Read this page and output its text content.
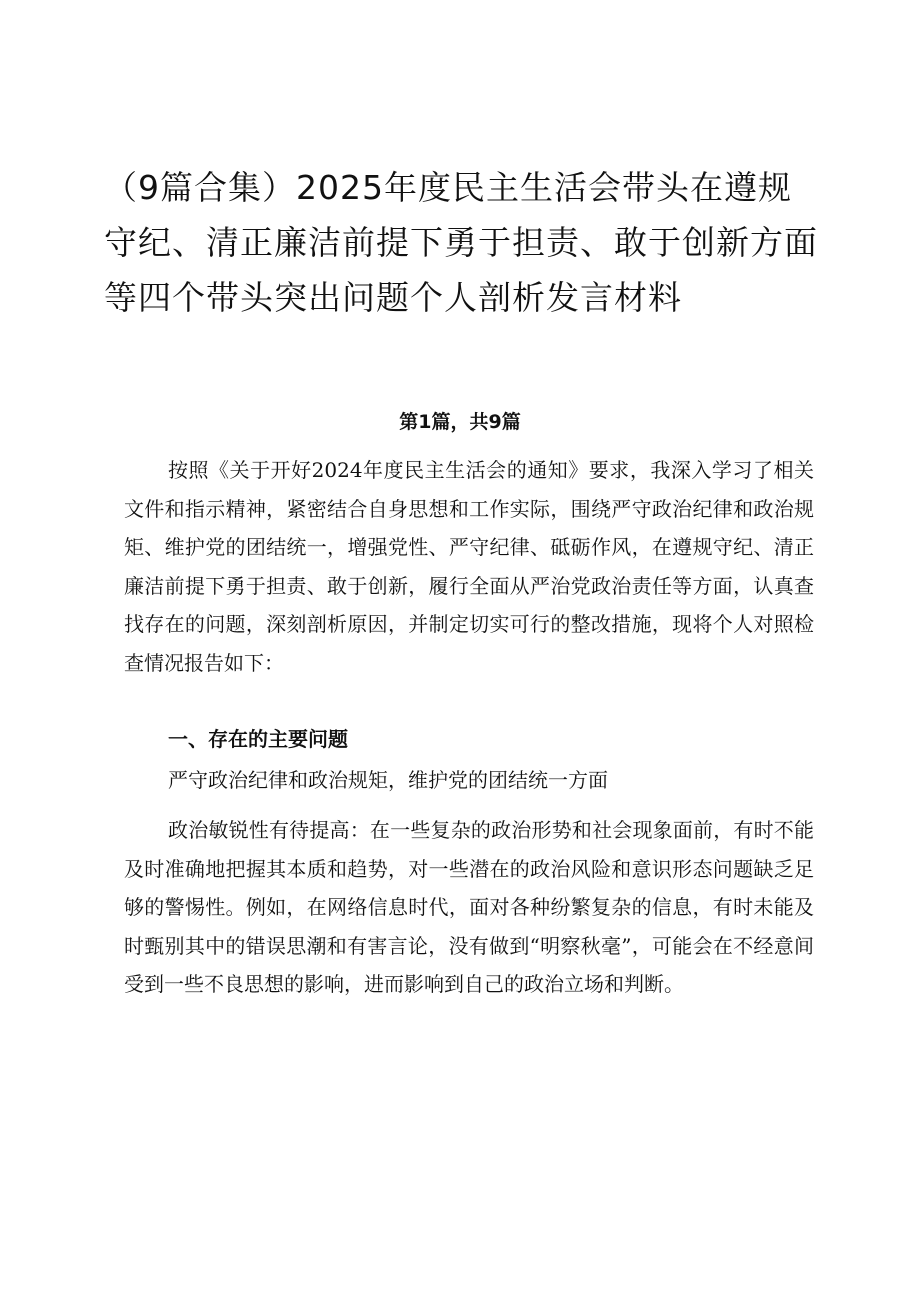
（9篇合集）2025年度民主生活会带头在遵规守纪、清正廉洁前提下勇于担责、敢于创新方面等四个带头突出问题个人剖析发言材料
第1篇，共9篇

按照《关于开好2024年度民主生活会的通知》要求，我深入学习了相关文件和指示精神，紧密结合自身思想和工作实际，围绕严守政治纪律和政治规矩、维护党的团结统一，增强党性、严守纪律、砥砺作风，在遵规守纪、清正廉洁前提下勇于担责、敢于创新，履行全面从严治党政治责任等方面，认真查找存在的问题，深刻剖析原因，并制定切实可行的整改措施，现将个人对照检查情况报告如下：

一、存在的主要问题

严守政治纪律和政治规矩，维护党的团结统一方面

政治敏锐性有待提高：在一些复杂的政治形势和社会现象面前，有时不能及时准确地把握其本质和趋势，对一些潜在的政治风险和意识形态问题缺乏足够的警惕性。例如，在网络信息时代，面对各种纷繁复杂的信息，有时未能及时甄别其中的错误思潮和有害言论，没有做到“明察秋毫”，可能会在不经意间受到一些不良思想的影响，进而影响到自己的政治立场和判断。
